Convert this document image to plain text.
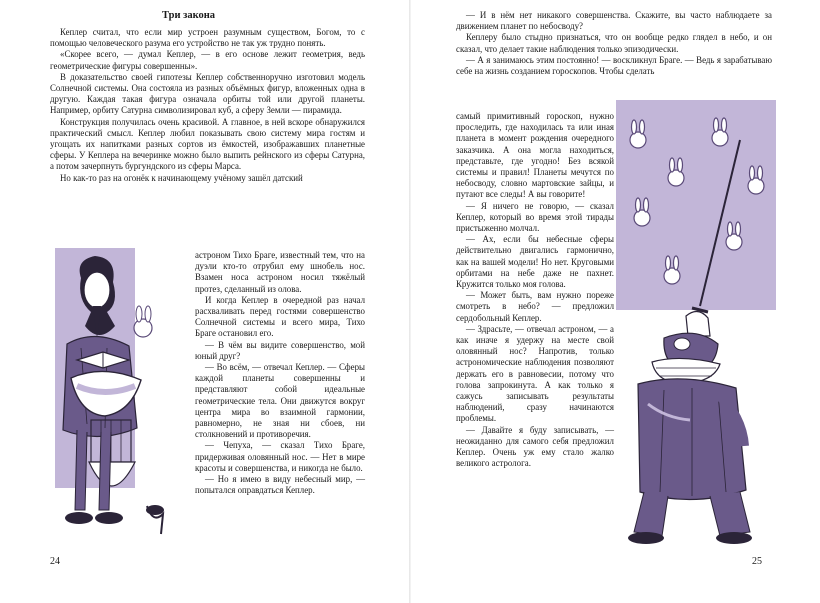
Три закона

Кеплер считал, что если мир устроен разумным существом, Богом, то с помощью человеческого разума его устройство не так уж трудно понять.

«Скорее всего, — думал Кеплер, — в его основе лежит геометрия, ведь геометрические фигуры совершенны».

В доказательство своей гипотезы Кеплер собственноручно изготовил модель Солнечной системы. Она состояла из разных объёмных фигур, вложенных одна в другую. Каждая такая фигура означала орбиты той или другой планеты. Например, орбиту Сатурна символизировал куб, а сферу Земли — пирамида.

Конструкция получилась очень красивой. А главное, в ней вскоре обнаружился практический смысл. Кеплер любил показывать свою систему мира гостям и угощать их напитками разных сортов из ёмкостей, изображавших планетные сферы. У Кеплера на вечеринке можно было выпить рейнского из сферы Сатурна, а потом зачерпнуть бургундского из сферы Марса.

Но как-то раз на огонёк к начинающему учёному зашёл датский

астроном Тихо Браге, известный тем, что на дуэли кто-то отрубил ему шнобель нос. Взамен носа астроном носил тяжёлый протез, сделанный из олова.

И когда Кеплер в очередной раз начал расхваливать перед гостями совершенство Солнечной системы и всего мира, Тихо Браге остановил его.

— В чём вы видите совершенство, мой юный друг?

— Во всём, — отвечал Кеплер. — Сферы каждой планеты совершенны и представляют собой идеальные геометрические тела. Они движутся вокруг центра мира во взаимной гармонии, равномерно, не зная ни сбоев, ни столкновений и противоречия.

— Чепуха, — сказал Тихо Браге, придерживая оловянный нос. — Нет в мире красоты и совершенства, и никогда не было.

— Но я имею в виду небесный мир, — попытался оправдаться Кеплер.

24

— И в нём нет никакого совершенства. Скажите, вы часто наблюдаете за движением планет по небосводу?

Кеплеру было стыдно признаться, что он вообще редко глядел в небо, и он сказал, что делает такие наблюдения только эпизодически.

— А я занимаюсь этим постоянно! — воскликнул Браге. — Ведь я зарабатываю себе на жизнь созданием гороскопов. Чтобы сделать

самый примитивный гороскоп, нужно проследить, где находилась та или иная планета в момент рождения очередного заказчика. А она могла находиться, представьте, где угодно! Без всякой системы и правил! Планеты мечутся по небосводу, словно мартовские зайцы, и путают все следы! А вы говорите!

— Я ничего не говорю, — сказал Кеплер, который во время этой тирады пристыженно молчал.

— Ах, если бы небесные сферы действительно двигались гармонично, как на вашей модели! Но нет. Круговыми орбитами на небе даже не пахнет. Кружится только моя голова.

— Может быть, вам нужно пореже смотреть в небо? — предложил сердобольный Кеплер.

— Здрасьте, — отвечал астроном, — а как иначе я удержу на месте свой оловянный нос? Напротив, только астрономические наблюдения позволяют держать его в равновесии, потому что голова запрокинута. А как только я сажусь записывать результаты наблюдений, сразу начинаются проблемы.

— Давайте я буду записывать, — неожиданно для самого себя предложил Кеплер. Очень уж ему стало жалко великого астролога.

25
